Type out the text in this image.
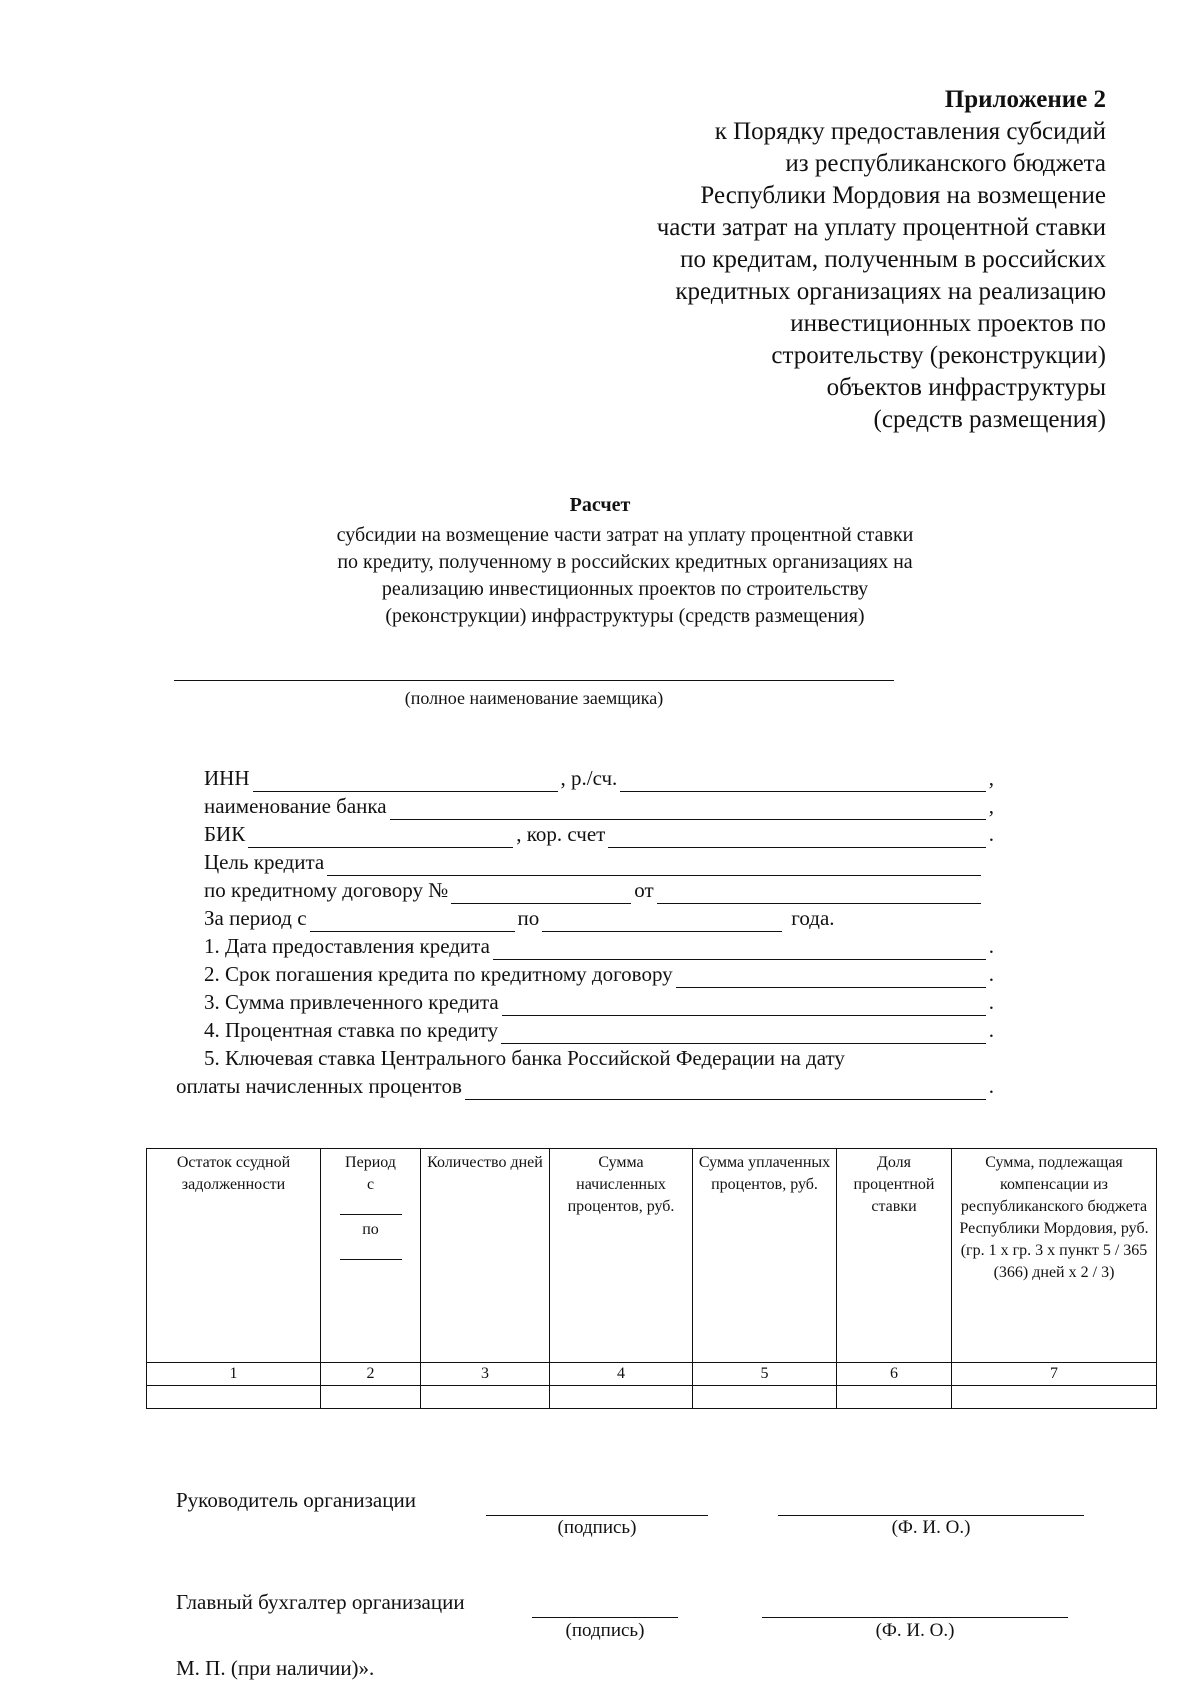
Приложение 2
к Порядку предоставления субсидий
из республиканского бюджета
Республики Мордовия на возмещение
части затрат на уплату процентной ставки
по кредитам, полученным в российских
кредитных организациях на реализацию
инвестиционных проектов по
строительству (реконструкции)
объектов инфраструктуры
(средств размещения)
Расчет
субсидии на возмещение части затрат на уплату процентной ставки
по кредиту, полученному в российских кредитных организациях на
реализацию инвестиционных проектов по строительству
(реконструкции) инфраструктуры (средств размещения)
(полное наименование заемщика)
ИНН	, р./сч.	,
наименование банка	,
БИК	, кор. счет	.
Цель кредита
по кредитному договору №	от
За период с	по	года.
1. Дата предоставления кредита	.
2. Срок погашения кредита по кредитному договору	.
3. Сумма привлеченного кредита	.
4. Процентная ставка по кредиту	.
5. Ключевая ставка Центрального банка Российской Федерации на дату
оплаты начисленных процентов	.
Остаток ссудной задолженности	Период
с
по	Количество дней	Сумма начисленных процентов, руб.	Сумма уплаченных процентов, руб.	Доля процентной ставки	Сумма, подлежащая компенсации из республиканского бюджета Республики Мордовия, руб. (гр. 1 х гр. 3 х пункт 5 / 365 (366) дней х 2 / 3)
1	2	3	4	5	6	7

Руководитель организации
(подпись)	(Ф. И. О.)
Главный бухгалтер организации
(подпись)	(Ф. И. О.)
М. П. (при наличии)».
